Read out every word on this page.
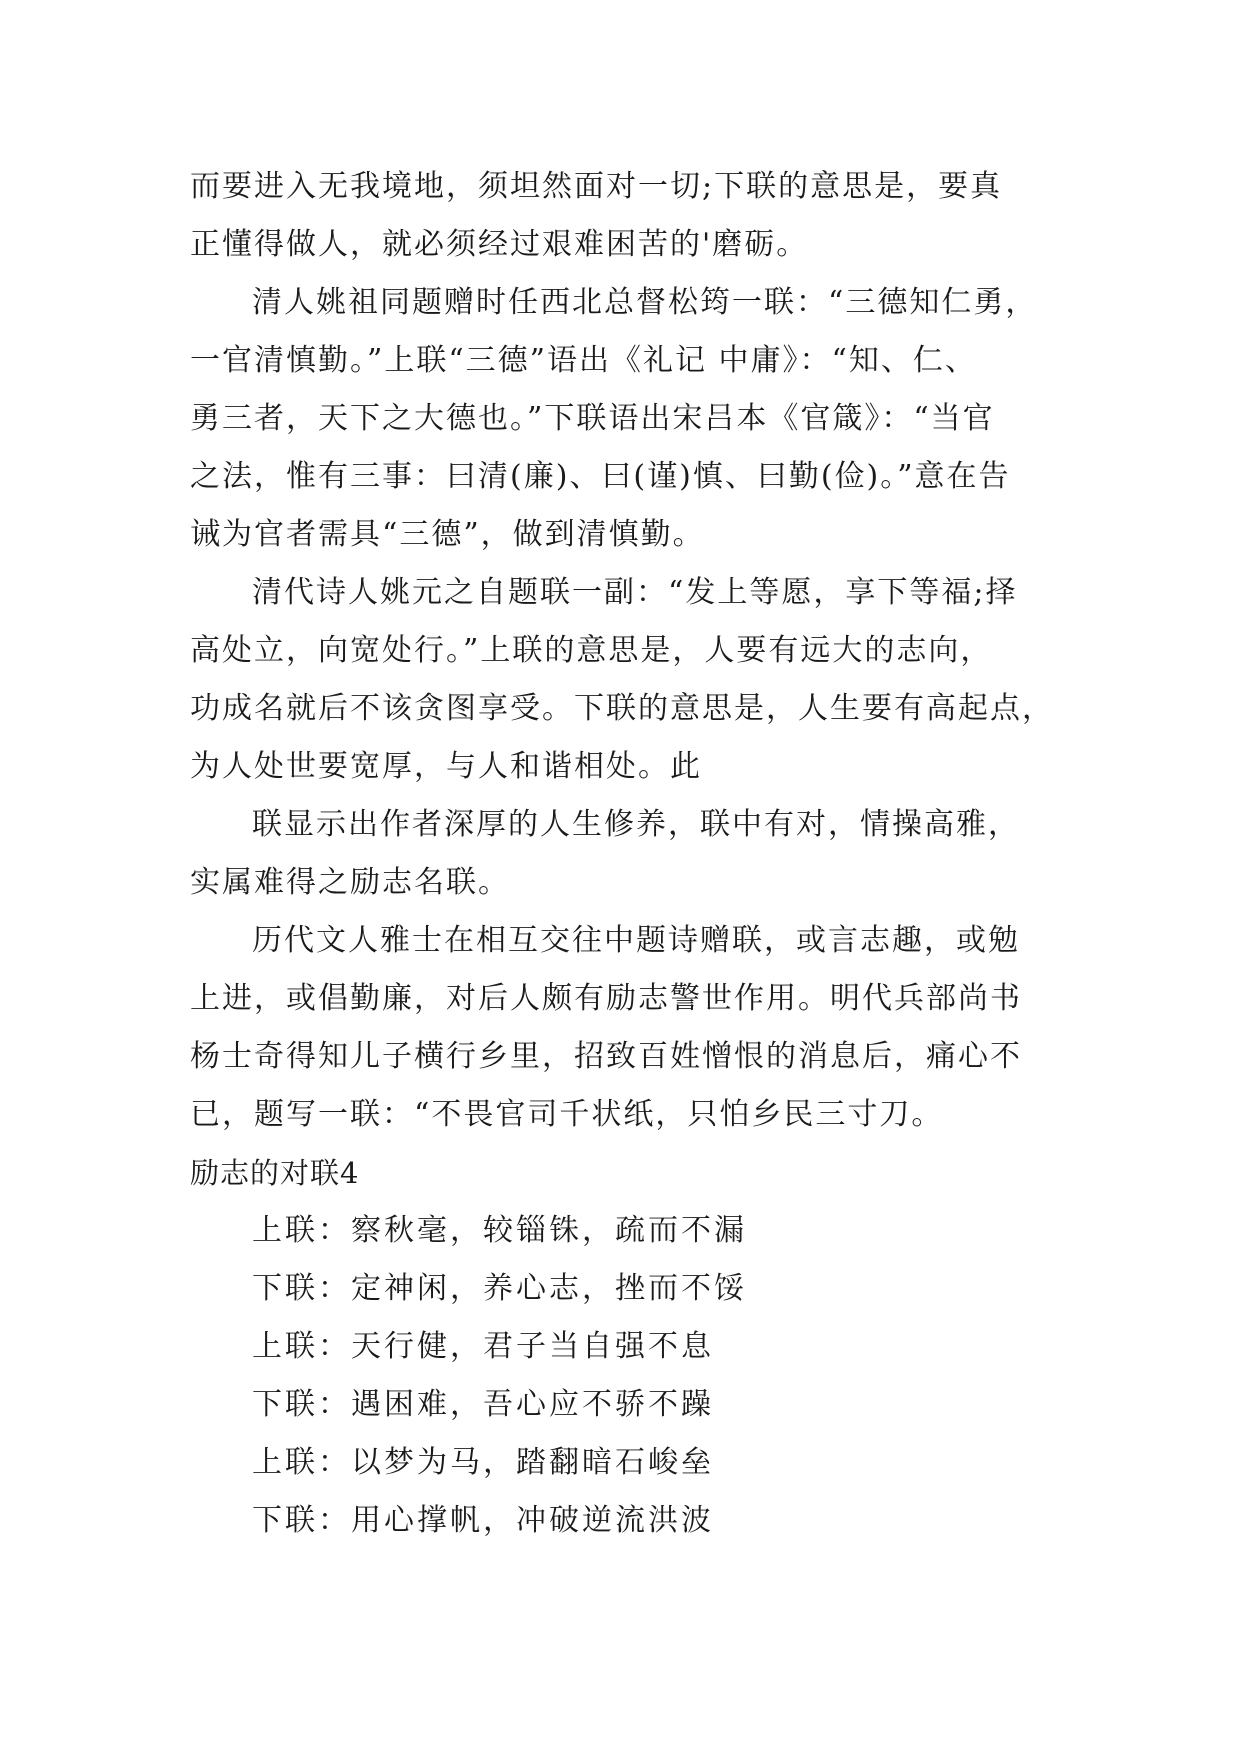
而要进入无我境地，须坦然面对一切;下联的意思是，要真
正懂得做人，就必须经过艰难困苦的'磨砺。
清人姚祖同题赠时任西北总督松筠一联：“三德知仁勇，
一官清慎勤。”上联“三德”语出《礼记 中庸》：“知、仁、
勇三者，天下之大德也。”下联语出宋吕本《官箴》：“当官
之法，惟有三事：曰清(廉)、曰(谨)慎、曰勤(俭)。”意在告
诫为官者需具“三德”，做到清慎勤。
清代诗人姚元之自题联一副：“发上等愿，享下等福;择
高处立，向宽处行。”上联的意思是，人要有远大的志向，
功成名就后不该贪图享受。下联的意思是，人生要有高起点，
为人处世要宽厚，与人和谐相处。此
联显示出作者深厚的人生修养，联中有对，情操高雅，
实属难得之励志名联。
历代文人雅士在相互交往中题诗赠联，或言志趣，或勉
上进，或倡勤廉，对后人颇有励志警世作用。明代兵部尚书
杨士奇得知儿子横行乡里，招致百姓憎恨的消息后，痛心不
已，题写一联：“不畏官司千状纸，只怕乡民三寸刀。
励志的对联4
上联：察秋毫，较锱铢，疏而不漏
下联：定神闲，养心志，挫而不馁
上联：天行健，君子当自强不息
下联：遇困难，吾心应不骄不躁
上联：以梦为马，踏翻暗石峻垒
下联：用心撑帆，冲破逆流洪波
